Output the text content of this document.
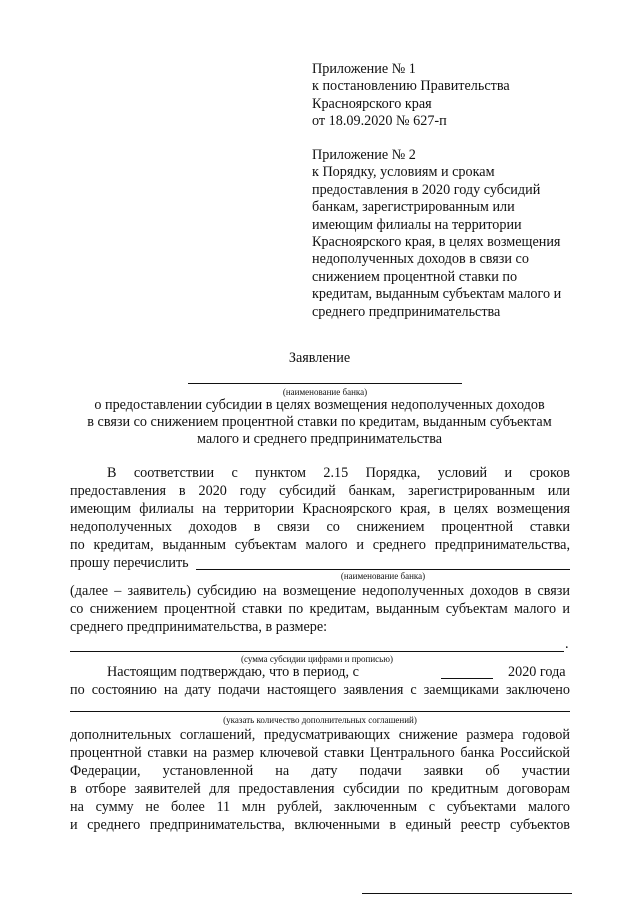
Приложение № 1
к постановлению Правительства
Красноярского края
от 18.09.2020 № 627-п
Приложение № 2
к Порядку, условиям и срокам
предоставления в 2020 году субсидий
банкам, зарегистрированным или
имеющим филиалы на территории
Красноярского края, в целях возмещения
недополученных доходов в связи со
снижением процентной ставки по
кредитам, выданным субъектам малого и
среднего предпринимательства
Заявление
(наименование банка)
о предоставлении субсидии в целях возмещения недополученных доходов
в связи со снижением процентной ставки по кредитам, выданным субъектам
малого и среднего предпринимательства
В соответствии с пунктом 2.15 Порядка, условий и сроков
предоставления в 2020 году субсидий банкам, зарегистрированным или
имеющим филиалы на территории Красноярского края, в целях возмещения
недополученных доходов в связи со снижением процентной ставки
по кредитам, выданным субъектам малого и среднего предпринимательства,
прошу перечислить
(наименование банка)
(далее – заявитель) субсидию на возмещение недополученных доходов в связи
со снижением процентной ставки по кредитам, выданным субъектам малого и
среднего предпринимательства, в размере:
.
(сумма субсидии цифрами и прописью)
Настоящим подтверждаю, что в период, с	2020 года
по состоянию на дату подачи настоящего заявления с заемщиками заключено
(указать количество дополнительных соглашений)
дополнительных соглашений, предусматривающих снижение размера годовой
процентной ставки на размер ключевой ставки Центрального банка Российской
Федерации, установленной на дату подачи заявки об участии
в отборе заявителей для предоставления субсидии по кредитным договорам
на сумму не более 11 млн рублей, заключенным с субъектами малого
и среднего предпринимательства, включенными в единый реестр субъектов
